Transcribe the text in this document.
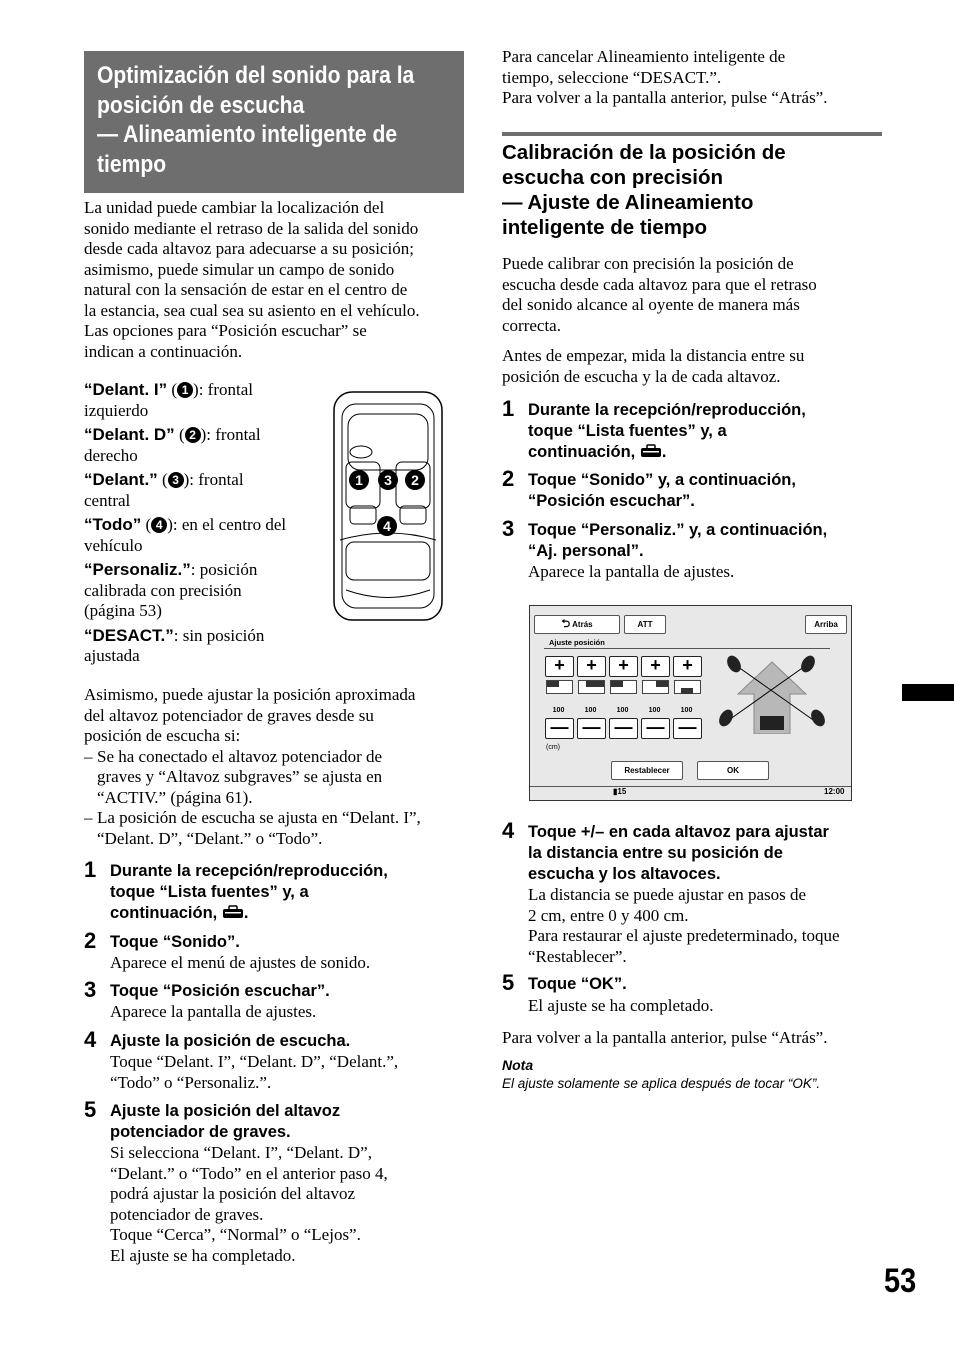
Optimización del sonido para la
posición de escucha
— Alineamiento inteligente de
tiempo
La unidad puede cambiar la localización del
sonido mediante el retraso de la salida del sonido
desde cada altavoz para adecuarse a su posición;
asimismo, puede simular un campo de sonido
natural con la sensación de estar en el centro de
la estancia, sea cual sea su asiento en el vehículo.
Las opciones para “Posición escuchar” se
indican a continuación.
“Delant. I” ( 1 ): frontal
izquierdo
“Delant. D” ( 2 ): frontal
derecho
“Delant.” ( 3 ): frontal
central
“Todo” ( 4 ): en el centro del
vehículo
“Personaliz.”: posición
calibrada con precisión
(página 53)
“DESACT.”: sin posición
ajustada
1	3	2
4
Asimismo, puede ajustar la posición aproximada
del altavoz potenciador de graves desde su
posición de escucha si:
– Se ha conectado el altavoz potenciador de
graves y “Altavoz subgraves” se ajusta en
“ACTIV.” (página 61).
– La posición de escucha se ajusta en “Delant. I”,
“Delant. D”, “Delant.” o “Todo”.
1 Durante la recepción/reproducción,
toque “Lista fuentes” y, a
continuación, .
2 Toque “Sonido”.
Aparece el menú de ajustes de sonido.
3 Toque “Posición escuchar”.
Aparece la pantalla de ajustes.
4 Ajuste la posición de escucha.
Toque “Delant. I”, “Delant. D”, “Delant.”,
“Todo” o “Personaliz.”.
5 Ajuste la posición del altavoz
potenciador de graves.
Si selecciona “Delant. I”, “Delant. D”,
“Delant.” o “Todo” en el anterior paso 4,
podrá ajustar la posición del altavoz
potenciador de graves.
Toque “Cerca”, “Normal” o “Lejos”.
El ajuste se ha completado.
Para cancelar Alineamiento inteligente de
tiempo, seleccione “DESACT.”.
Para volver a la pantalla anterior, pulse “Atrás”.
Calibración de la posición de
escucha con precisión
— Ajuste de Alineamiento
inteligente de tiempo
Puede calibrar con precisión la posición de
escucha desde cada altavoz para que el retraso
del sonido alcance al oyente de manera más
correcta.
Antes de empezar, mida la distancia entre su
posición de escucha y la de cada altavoz.
1 Durante la recepción/reproducción,
toque “Lista fuentes” y, a
continuación, .
2 Toque “Sonido” y, a continuación,
“Posición escuchar”.
3 Toque “Personaliz.” y, a continuación,
“Aj. personal”.
Aparece la pantalla de ajustes.
⮌ Atrás	ATT	Arriba
Ajuste posición
+	+	+	+	+
100	100	100	100	100
— — — — —
(cm)
Restablecer	OK
▮15	12:00
4 Toque +/– en cada altavoz para ajustar
la distancia entre su posición de
escucha y los altavoces.
La distancia se puede ajustar en pasos de
2 cm, entre 0 y 400 cm.
Para restaurar el ajuste predeterminado, toque
“Restablecer”.
5 Toque “OK”.
El ajuste se ha completado.
Para volver a la pantalla anterior, pulse “Atrás”.
Nota
El ajuste solamente se aplica después de tocar “OK”.
53
